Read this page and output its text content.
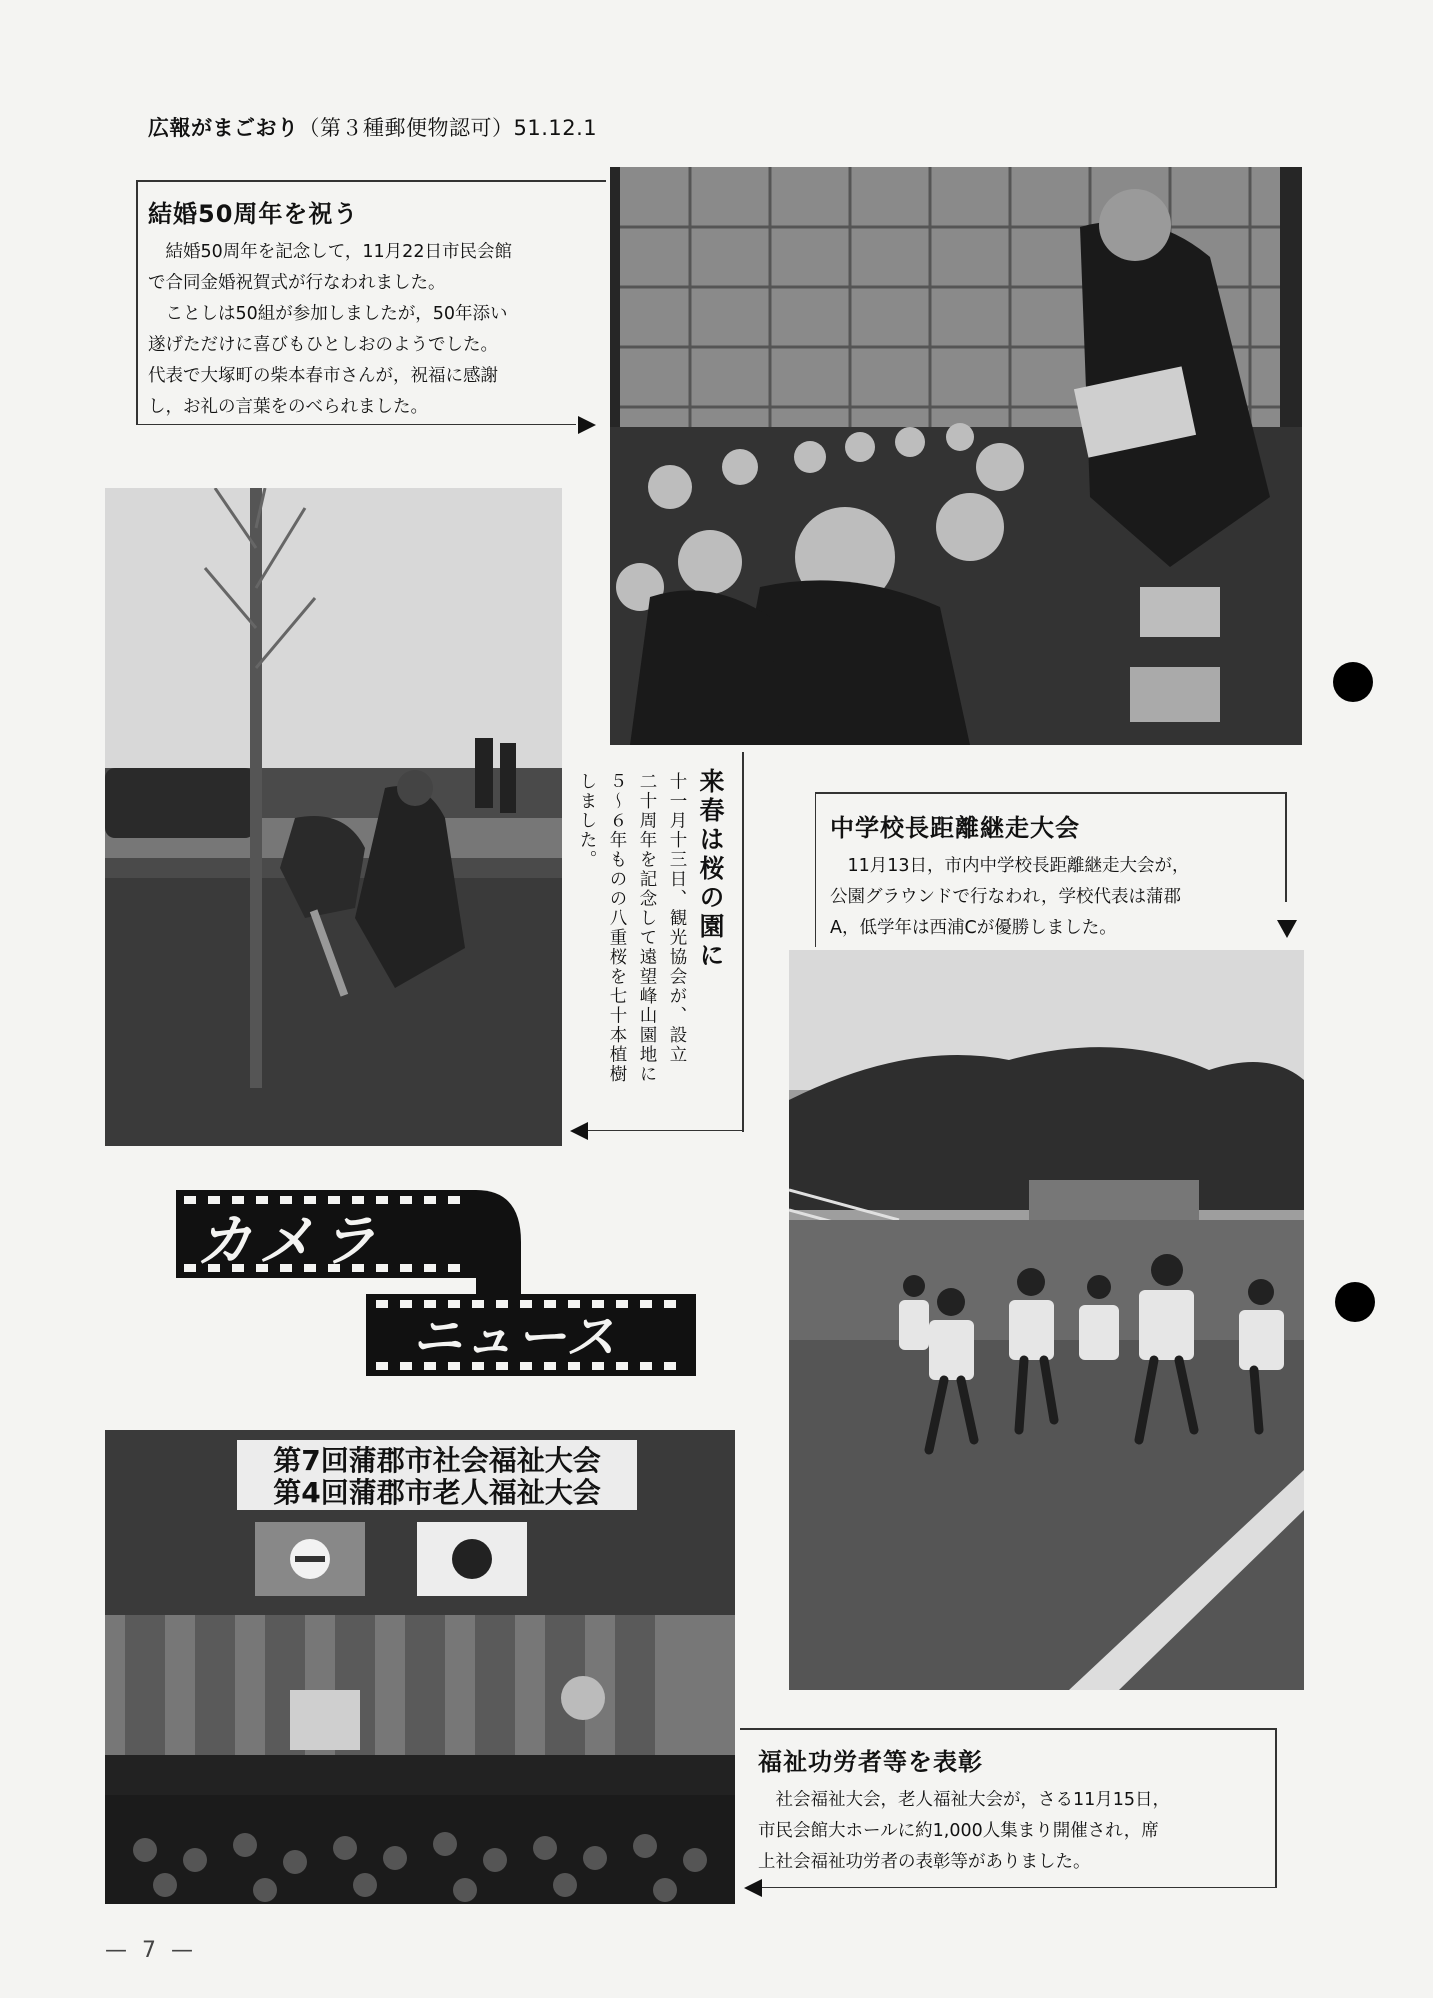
広報がまごおり（第３種郵便物認可）51.12.1
結婚50周年を祝う

結婚50周年を記念して，11月22日市民会館

で合同金婚祝賀式が行なわれました。

ことしは50組が参加しましたが，50年添い

遂げただけに喜びもひとしおのようでした。

代表で大塚町の柴本春市さんが，祝福に感謝

し，お礼の言葉をのべられました。

来春は桜の園に
十一月十三日、観光協会が、設立
二十周年を記念して遠望峰山園地に
５〜６年ものの八重桜を七十本植樹
しました。	中学校長距離継走大会

11月13日，市内中学校長距離継走大会が，

公園グラウンドで行なわれ，学校代表は蒲郡

A，低学年は西浦Cが優勝しました。

カメラ
ニュース
第7回蒲郡市社会福祉大会
第4回蒲郡市老人福祉大会
福祉功労者等を表彰

社会福祉大会，老人福祉大会が，さる11月15日，

市民会館大ホールに約1,000人集まり開催され，席

上社会福祉功労者の表彰等がありました。

— 7 —
